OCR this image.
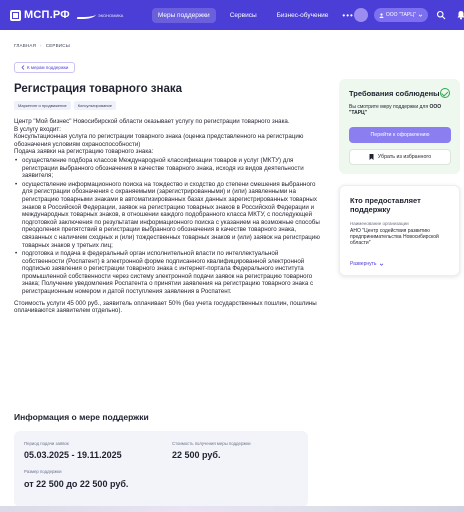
МСП.РФ	ЭКОНОМИКА	Меры поддержки	Сервисы	Бизнес-обучение	•••	ООО "ТАРЦ"
ГЛАВНАЯ › СЕРВИСЫ
К мерам поддержки
Регистрация товарного знака
Маркетинг и продвижение	Консультирование

Центр "Мой бизнес" Новосибирской области оказывает услугу по регистрации товарного знака.

В услугу входит:

Консультационная услуга по регистрации товарного знака (оценка представленного на регистрацию обозначения условиям охраноспособности)

Подача заявки на регистрацию товарного знака:

• осуществление подбора классов Международной классификации товаров и услуг (МКТУ) для регистрации выбранного обозначения в качестве товарного знака, исходя из видов деятельности заявителя;
• осуществление информационного поиска на тождество и сходство до степени смешения выбранного для регистрации обозначения с охраняемыми (зарегистрированными) и (или) заявленными на регистрацию товарными знаками в автоматизированных базах данных зарегистрированных товарных знаков в Российской Федерации, заявок на регистрацию товарных знаков в Российской Федерации и международных товарных знаков, в отношении каждого подобранного класса МКТУ, с последующей подготовкой заключения по результатам информационного поиска с указанием на возможные способы преодоления препятствий в регистрации выбранного обозначения в качестве товарного знака, связанных с наличием сходных и (или) тождественных товарных знаков и (или) заявок на регистрацию товарных знаков у третьих лиц;
• подготовка и подача в федеральный орган исполнительной власти по интеллектуальной собственности (Роспатент) в электронной форме подписанного квалифицированной электронной подписью заявления о регистрации товарного знака с интернет-портала Федерального института промышленной собственности через систему электронной подачи заявок на регистрацию товарного знака; Получение уведомления Роспатента о принятии заявления на регистрацию товарного знака с регистрационным номером и датой поступления заявления в Роспатент.

Стоимость услуги 45 000 руб., заявитель оплачивает 50% (без учета государственных пошлин, пошлины оплачиваются заявителем отдельно).

Информация о мере поддержки
Период подачи заявок
05.03.2025 - 19.11.2025
Стоимость получения меры поддержки
22 500 руб.
Размер поддержки
от 22 500 до 22 500 руб.
Требования соблюдены
Вы смотрите меру поддержки для ООО "ТАРЦ"
Перейти к оформлению
Убрать из избранного
Кто предоставляет поддержку
Наименование организации
АНО "Центр содействия развитию предпринимательства Новосибирской области"
Развернуть
